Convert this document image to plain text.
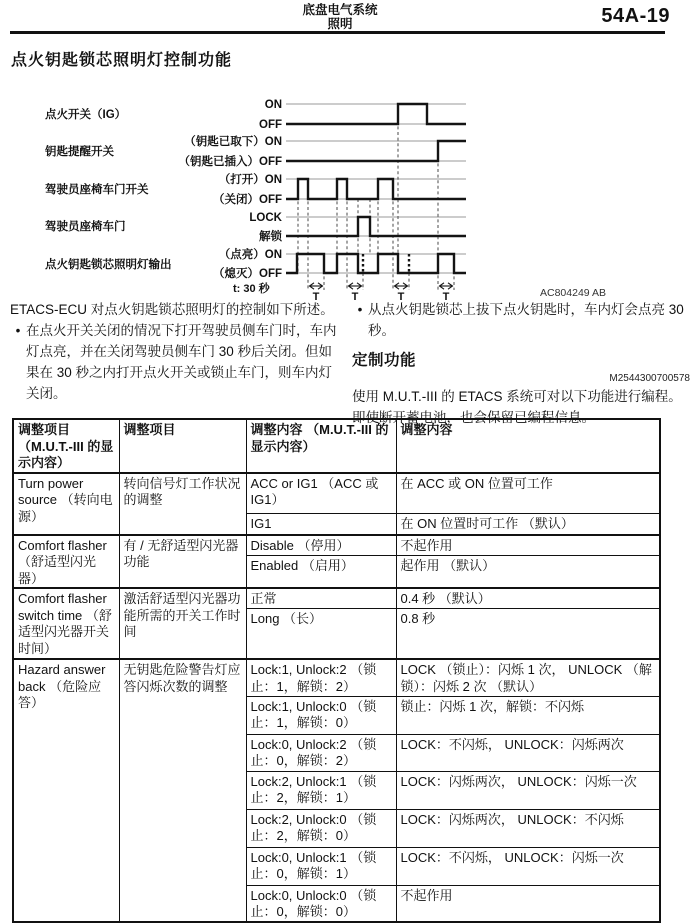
底盘电气系统
照明	54A-19
点火钥匙锁芯照明灯控制功能
T	T	T	T
点火开关（IG）
钥匙提醒开关
驾驶员座椅车门开关
驾驶员座椅车门
点火钥匙锁芯照明灯输出
ON
OFF
（钥匙已取下）ON
（钥匙已插入）OFF
（打开）ON
（关闭）OFF
LOCK
解锁
（点亮）ON
（熄灭）OFF
t: 30 秒	AC804249 AB

ETACS-ECU 对点火钥匙锁芯照明灯的控制如下所述。

• 在点火开关关闭的情况下打开驾驶员侧车门时，车内灯点亮，并在关闭驾驶员侧车门 30 秒后关闭。但如果在 30 秒之内打开点火开关或锁止车门，则车内灯关闭。
• 从点火钥匙锁芯上拔下点火钥匙时，车内灯会点亮 30 秒。
定制功能
M2544300700578

使用 M.U.T.-III 的 ETACS 系统可对以下功能进行编程。即使断开蓄电池，也会保留已编程信息。

调整项目（M.U.T.-III 的显示内容）	调整项目	调整内容 （M.U.T.-III 的显示内容）	调整内容
Turn power source （转向电源）	转向信号灯工作状况的调整	ACC or IG1 （ACC 或 IG1）	在 ACC 或 ON 位置可工作
		IG1	在 ON 位置时可工作 （默认）
Comfort flasher （舒适型闪光器）	有 / 无舒适型闪光器功能	Disable （停用）	不起作用
		Enabled （启用）	起作用 （默认）
Comfort flasher switch time （舒适型闪光器开关时间）	激活舒适型闪光器功能所需的开关工作时间	正常	0.4 秒 （默认）
		Long （长）	0.8 秒
Hazard answer back （危险应答）	无钥匙危险警告灯应答闪烁次数的调整	Lock:1, Unlock:2 （锁止：1，解锁：2）	LOCK （锁止）：闪烁 1 次， UNLOCK （解锁）：闪烁 2 次 （默认）
		Lock:1, Unlock:0 （锁止：1，解锁：0）	锁止：闪烁 1 次，解锁：不闪烁
		Lock:0, Unlock:2 （锁止：0，解锁：2）	LOCK：不闪烁， UNLOCK：闪烁两次
		Lock:2, Unlock:1 （锁止：2，解锁：1）	LOCK：闪烁两次， UNLOCK：闪烁一次
		Lock:2, Unlock:0 （锁止：2，解锁：0）	LOCK：闪烁两次， UNLOCK：不闪烁
		Lock:0, Unlock:1 （锁止：0，解锁：1）	LOCK：不闪烁， UNLOCK：闪烁一次
		Lock:0, Unlock:0 （锁止：0，解锁：0）	不起作用
